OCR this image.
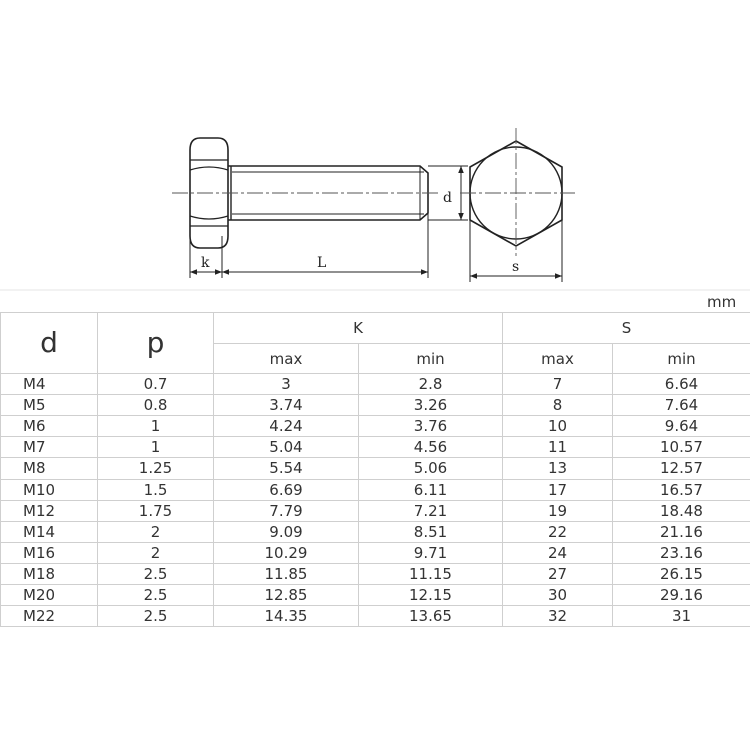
k	L
d
s
mm
d	p	K		S	
		max	min	max	min
M4	0.7	3	2.8	7	6.64
M5	0.8	3.74	3.26	8	7.64
M6	1	4.24	3.76	10	9.64
M7	1	5.04	4.56	11	10.57
M8	1.25	5.54	5.06	13	12.57
M10	1.5	6.69	6.11	17	16.57
M12	1.75	7.79	7.21	19	18.48
M14	2	9.09	8.51	22	21.16
M16	2	10.29	9.71	24	23.16
M18	2.5	11.85	11.15	27	26.15
M20	2.5	12.85	12.15	30	29.16
M22	2.5	14.35	13.65	32	31
